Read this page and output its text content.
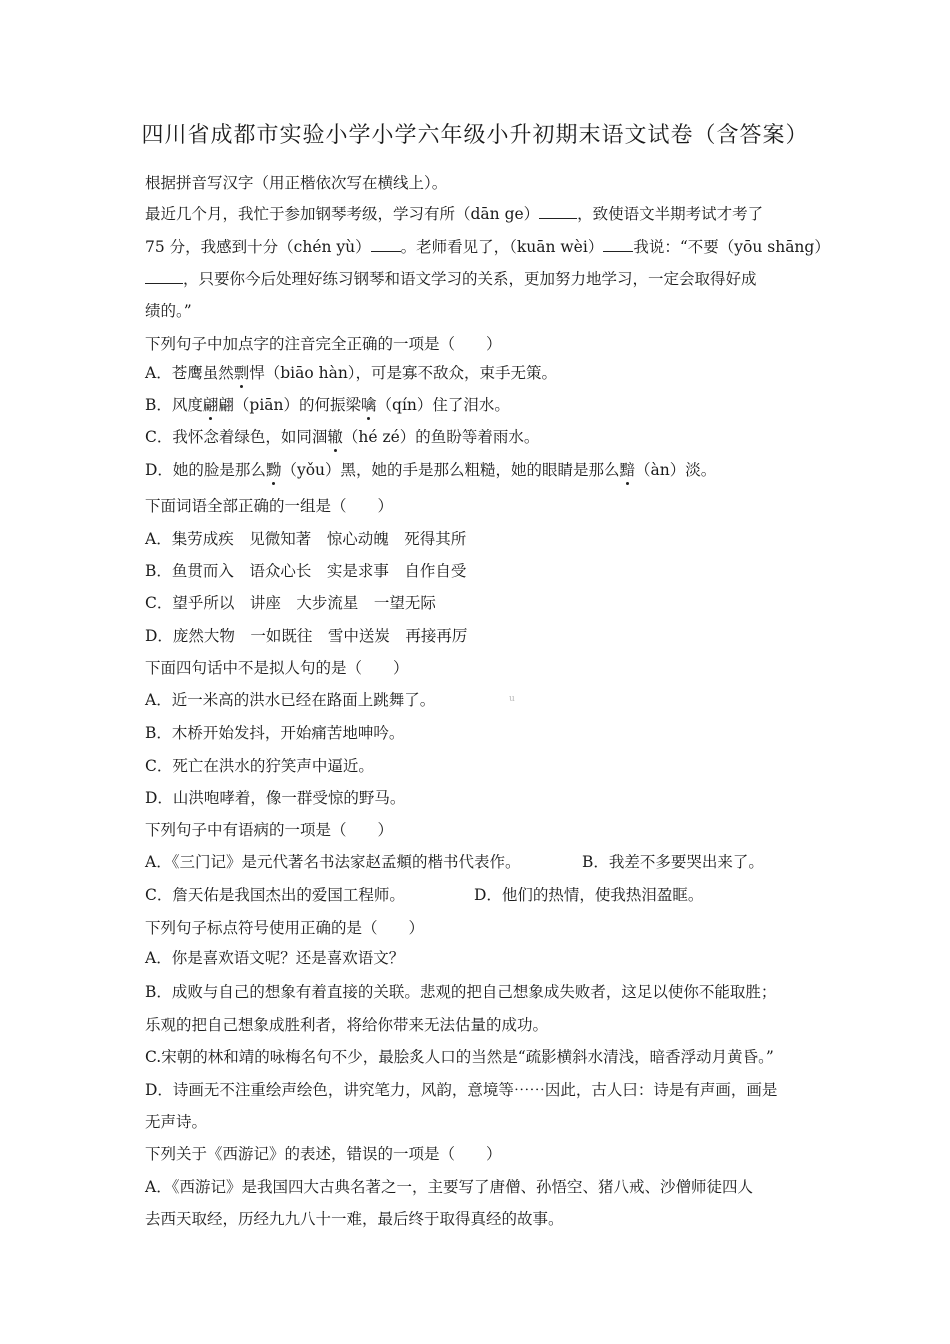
四川省成都市实验小学小学六年级小升初期末语文试卷（含答案）
根据拼音写汉字（用正楷依次写在横线上）。
最近几个月，我忙于参加钢琴考级，学习有所（dān ge） ，致使语文半期考试才考了
75 分，我感到十分（chén yù） 。老师看见了，（kuān wèi） 我说：“不要（yōu shāng）
，只要你今后处理好练习钢琴和语文学习的关系，更加努力地学习，一定会取得好成
绩的。”
下列句子中加点字的注音完全正确的一项是（　　）
A．苍鹰虽然剽悍（biāo hàn），可是寡不敌众，束手无策。
B．风度翩翩（piān）的何振梁噙（qín）住了泪水。
C．我怀念着绿色，如同涸辙（hé zé）的鱼盼等着雨水。
D．她的脸是那么黝（yǒu）黑，她的手是那么粗糙，她的眼睛是那么黯（àn）淡。
下面词语全部正确的一组是（　　）
A．集劳成疾　见微知著　惊心动魄　死得其所
B．鱼贯而入　语众心长　实是求事　自作自受
C．望乎所以　讲座　大步流星　一望无际
D．庞然大物　一如既往　雪中送炭　再接再厉
下面四句话中不是拟人句的是（　　）
A．近一米高的洪水已经在路面上跳舞了。	u
B．木桥开始发抖，开始痛苦地呻吟。
C．死亡在洪水的狞笑声中逼近。
D．山洪咆哮着，像一群受惊的野马。
下列句子中有语病的一项是（　　）
A．《三门记》是元代著名书法家赵孟頫的楷书代表作。	B．我差不多要哭出来了。
C．詹天佑是我国杰出的爱国工程师。	D．他们的热情，使我热泪盈眶。
下列句子标点符号使用正确的是（　　）
A．你是喜欢语文呢？还是喜欢语文？
B．成败与自己的想象有着直接的关联。悲观的把自己想象成失败者，这足以使你不能取胜；
乐观的把自己想象成胜利者，将给你带来无法估量的成功。
C.宋朝的林和靖的咏梅名句不少，最脍炙人口的当然是“疏影横斜水清浅，暗香浮动月黄昏。”
D．诗画无不注重绘声绘色，讲究笔力，风韵，意境等⋯⋯因此，古人曰：诗是有声画，画是
无声诗。
下列关于《西游记》的表述，错误的一项是（　　）
A．《西游记》是我国四大古典名著之一，主要写了唐僧、孙悟空、猪八戒、沙僧师徒四人
去西天取经，历经九九八十一难，最后终于取得真经的故事。
